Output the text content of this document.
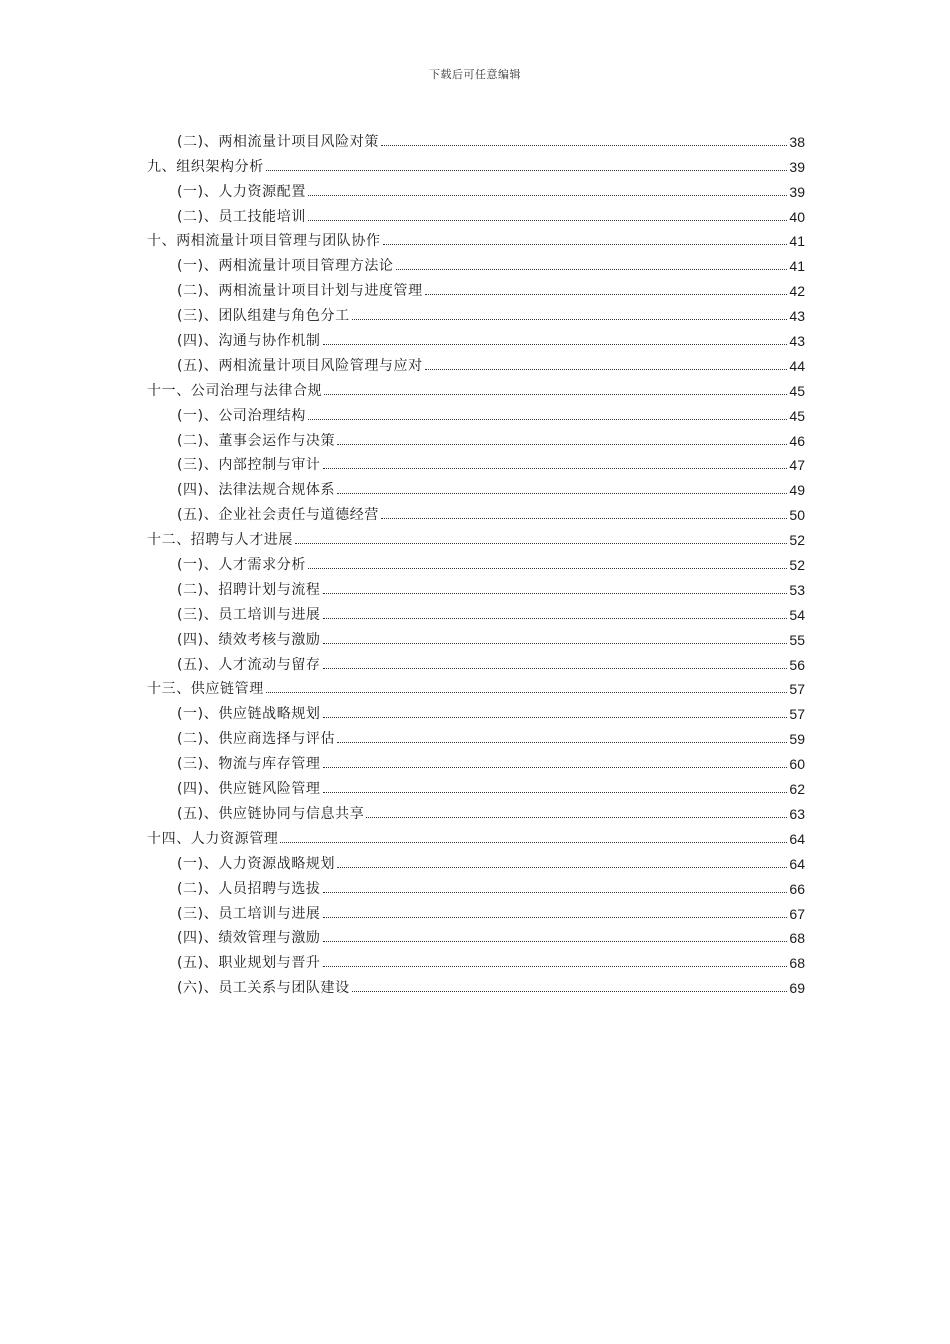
下载后可任意编辑
(二)、两相流量计项目风险对策	38
九、组织架构分析	39
(一)、人力资源配置	39
(二)、员工技能培训	40
十、两相流量计项目管理与团队协作	41
(一)、两相流量计项目管理方法论	41
(二)、两相流量计项目计划与进度管理	42
(三)、团队组建与角色分工	43
(四)、沟通与协作机制	43
(五)、两相流量计项目风险管理与应对	44
十一、公司治理与法律合规	45
(一)、公司治理结构	45
(二)、董事会运作与决策	46
(三)、内部控制与审计	47
(四)、法律法规合规体系	49
(五)、企业社会责任与道德经营	50
十二、招聘与人才进展	52
(一)、人才需求分析	52
(二)、招聘计划与流程	53
(三)、员工培训与进展	54
(四)、绩效考核与激励	55
(五)、人才流动与留存	56
十三、供应链管理	57
(一)、供应链战略规划	57
(二)、供应商选择与评估	59
(三)、物流与库存管理	60
(四)、供应链风险管理	62
(五)、供应链协同与信息共享	63
十四、人力资源管理	64
(一)、人力资源战略规划	64
(二)、人员招聘与选拔	66
(三)、员工培训与进展	67
(四)、绩效管理与激励	68
(五)、职业规划与晋升	68
(六)、员工关系与团队建设	69
